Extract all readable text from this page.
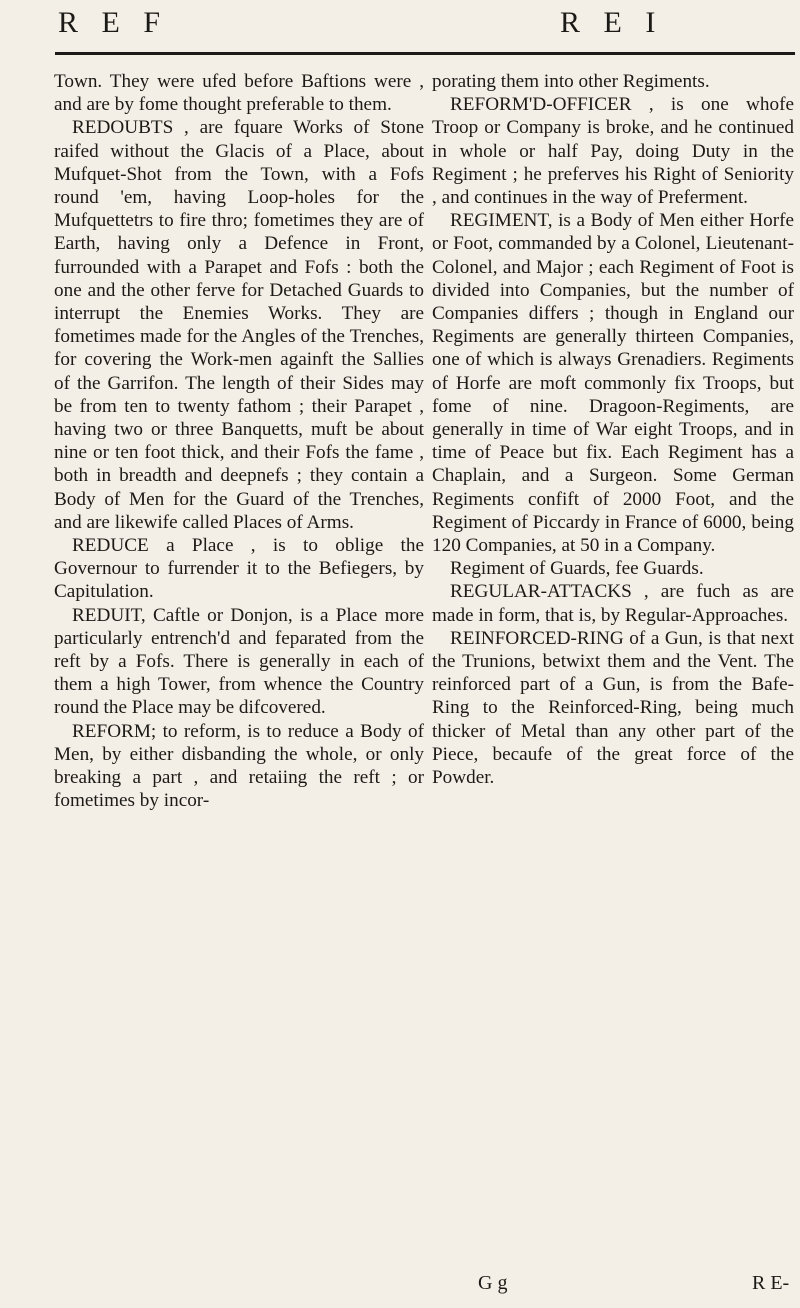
R E F	R E I

Town. They were ufed before Baftions were , and are by fome thought preferable to them.

REDOUBTS , are fquare Works of Stone raifed without the Glacis of a Place, about Mufquet-Shot from the Town, with a Fofs round 'em, having Loop-holes for the Mufquettetrs to fire thro; fometimes they are of Earth, having only a Defence in Front, furrounded with a Parapet and Fofs : both the one and the other ferve for Detached Guards to interrupt the Enemies Works. They are fometimes made for the Angles of the Trenches, for covering the Work-men againft the Sallies of the Garrifon. The length of their Sides may be from ten to twenty fathom ; their Parapet , having two or three Banquetts, muft be about nine or ten foot thick, and their Fofs the fame , both in breadth and deepnefs ; they contain a Body of Men for the Guard of the Trenches, and are likewife called Places of Arms.

REDUCE a Place , is to oblige the Governour to furrender it to the Befiegers, by Capitulation.

REDUIT, Caftle or Donjon, is a Place more particularly entrench'd and feparated from the reft by a Fofs. There is generally in each of them a high Tower, from whence the Country round the Place may be difcovered.

REFORM; to reform, is to reduce a Body of Men, by either disbanding the whole, or only breaking a part , and retaiing the reft ; or fometimes by incor-

porating them into other Regiments.

REFORM'D-OFFICER , is one whofe Troop or Company is broke, and he continued in whole or half Pay, doing Duty in the Regiment ; he preferves his Right of Seniority , and continues in the way of Preferment.

REGIMENT, is a Body of Men either Horfe or Foot, commanded by a Colonel, Lieutenant-Colonel, and Major ; each Regiment of Foot is divided into Companies, but the number of Companies differs ; though in England our Regiments are generally thirteen Companies, one of which is always Grenadiers. Regiments of Horfe are moft commonly fix Troops, but fome of nine. Dragoon-Regiments, are generally in time of War eight Troops, and in time of Peace but fix. Each Regiment has a Chaplain, and a Surgeon. Some German Regiments confift of 2000 Foot, and the Regiment of Piccardy in France of 6000, being 120 Companies, at 50 in a Company.

Regiment of Guards, fee Guards.

REGULAR-ATTACKS , are fuch as are made in form, that is, by Regular-Approaches.

REINFORCED-RING of a Gun, is that next the Trunions, betwixt them and the Vent. The reinforced part of a Gun, is from the Bafe-Ring to the Reinforced-Ring, being much thicker of Metal than any other part of the Piece, becaufe of the great force of the Powder.

G g	R E-
